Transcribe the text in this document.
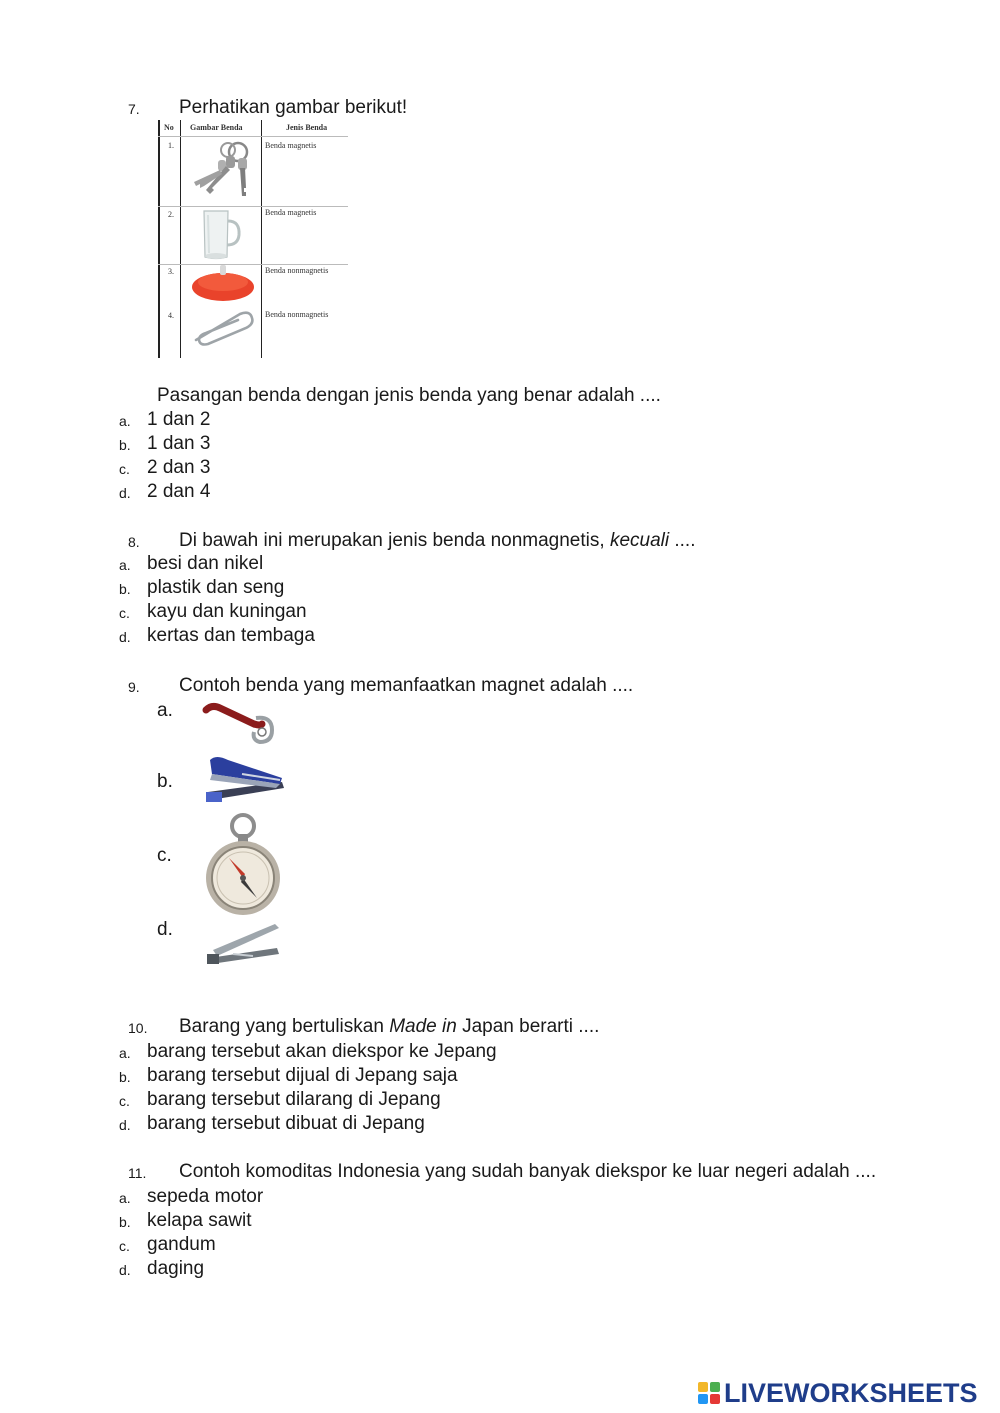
7. Perhatikan gambar berikut!
No Gambar Benda	Jenis Benda
1.	Benda magnetis
2.	Benda magnetis
3.	Benda nonmagnetis
4.	Benda nonmagnetis
Pasangan benda dengan jenis benda yang benar adalah ....
a. 1 dan 2
b. 1 dan 3
c. 2 dan 3
d. 2 dan 4
8. Di bawah ini merupakan jenis benda nonmagnetis, kecuali ....
a. besi dan nikel
b. plastik dan seng
c. kayu dan kuningan
d. kertas dan tembaga
9. Contoh benda yang memanfaatkan magnet adalah ....
a.
b.
c.
d.
10. Barang yang bertuliskan Made in Japan berarti ....
a. barang tersebut akan diekspor ke Jepang
b. barang tersebut dijual di Jepang saja
c. barang tersebut dilarang di Jepang
d. barang tersebut dibuat di Jepang
11. Contoh komoditas Indonesia yang sudah banyak diekspor ke luar negeri adalah ....
a. sepeda motor
b. kelapa sawit
c. gandum
d. daging
LIVEWORKSHEETS
